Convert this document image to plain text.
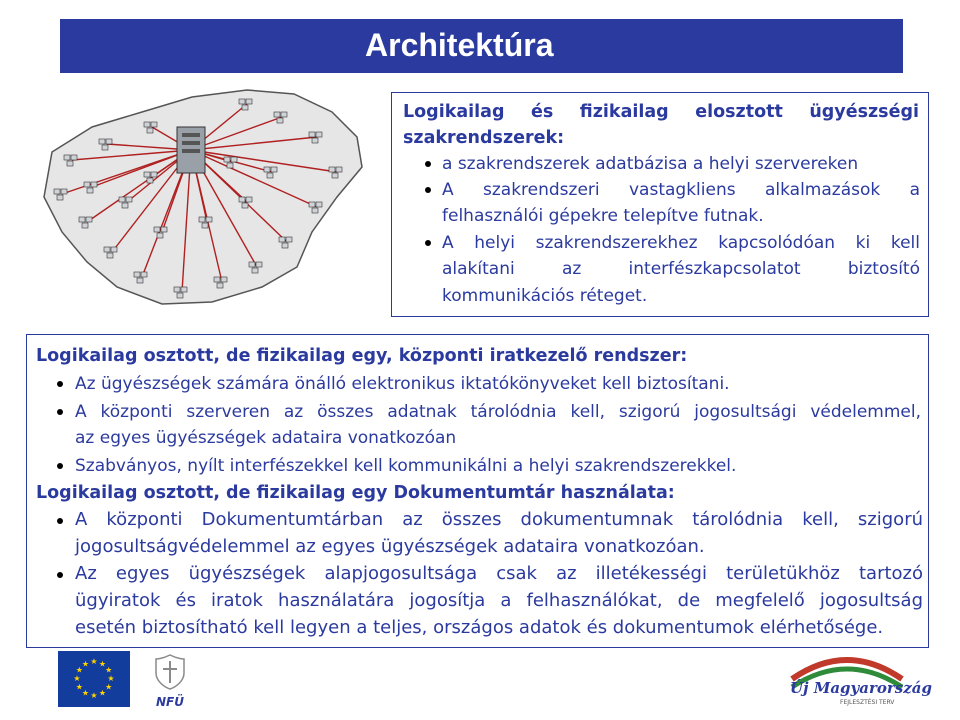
Architektúra
Logikailag és fizikailag elosztott ügyészségi
szakrendszerek:
a szakrendszerek adatbázisa a helyi szervereken
A szakrendszeri vastagkliens alkalmazások a
felhasználói gépekre telepítve futnak.
A helyi szakrendszerekhez kapcsolódóan ki kell
alakítani az interfészkapcsolatot biztosító
kommunikációs réteget.
Logikailag osztott, de fizikailag egy, központi iratkezelő rendszer:
Az ügyészségek számára önálló elektronikus iktatókönyveket kell biztosítani.
A központi szerveren az összes adatnak tárolódnia kell, szigorú jogosultsági védelemmel,
az egyes ügyészségek adataira vonatkozóan
Szabványos, nyílt interfészekkel kell kommunikálni a helyi szakrendszerekkel.
Logikailag osztott, de fizikailag egy Dokumentumtár használata:
A központi Dokumentumtárban az összes dokumentumnak tárolódnia kell, szigorú
jogosultságvédelemmel az egyes ügyészségek adataira vonatkozóan.
Az egyes ügyészségek alapjogosultsága csak az illetékességi területükhöz tartozó
ügyiratok és iratok használatára jogosítja a felhasználókat, de megfelelő jogosultság
esetén biztosítható kell legyen a teljes, országos adatok és dokumentumok elérhetősége.
★
★
★
★
★
★
★
★
★ ★ ★
★
NFÜ
Új Magyarország
FEJLESZTÉSI TERV
